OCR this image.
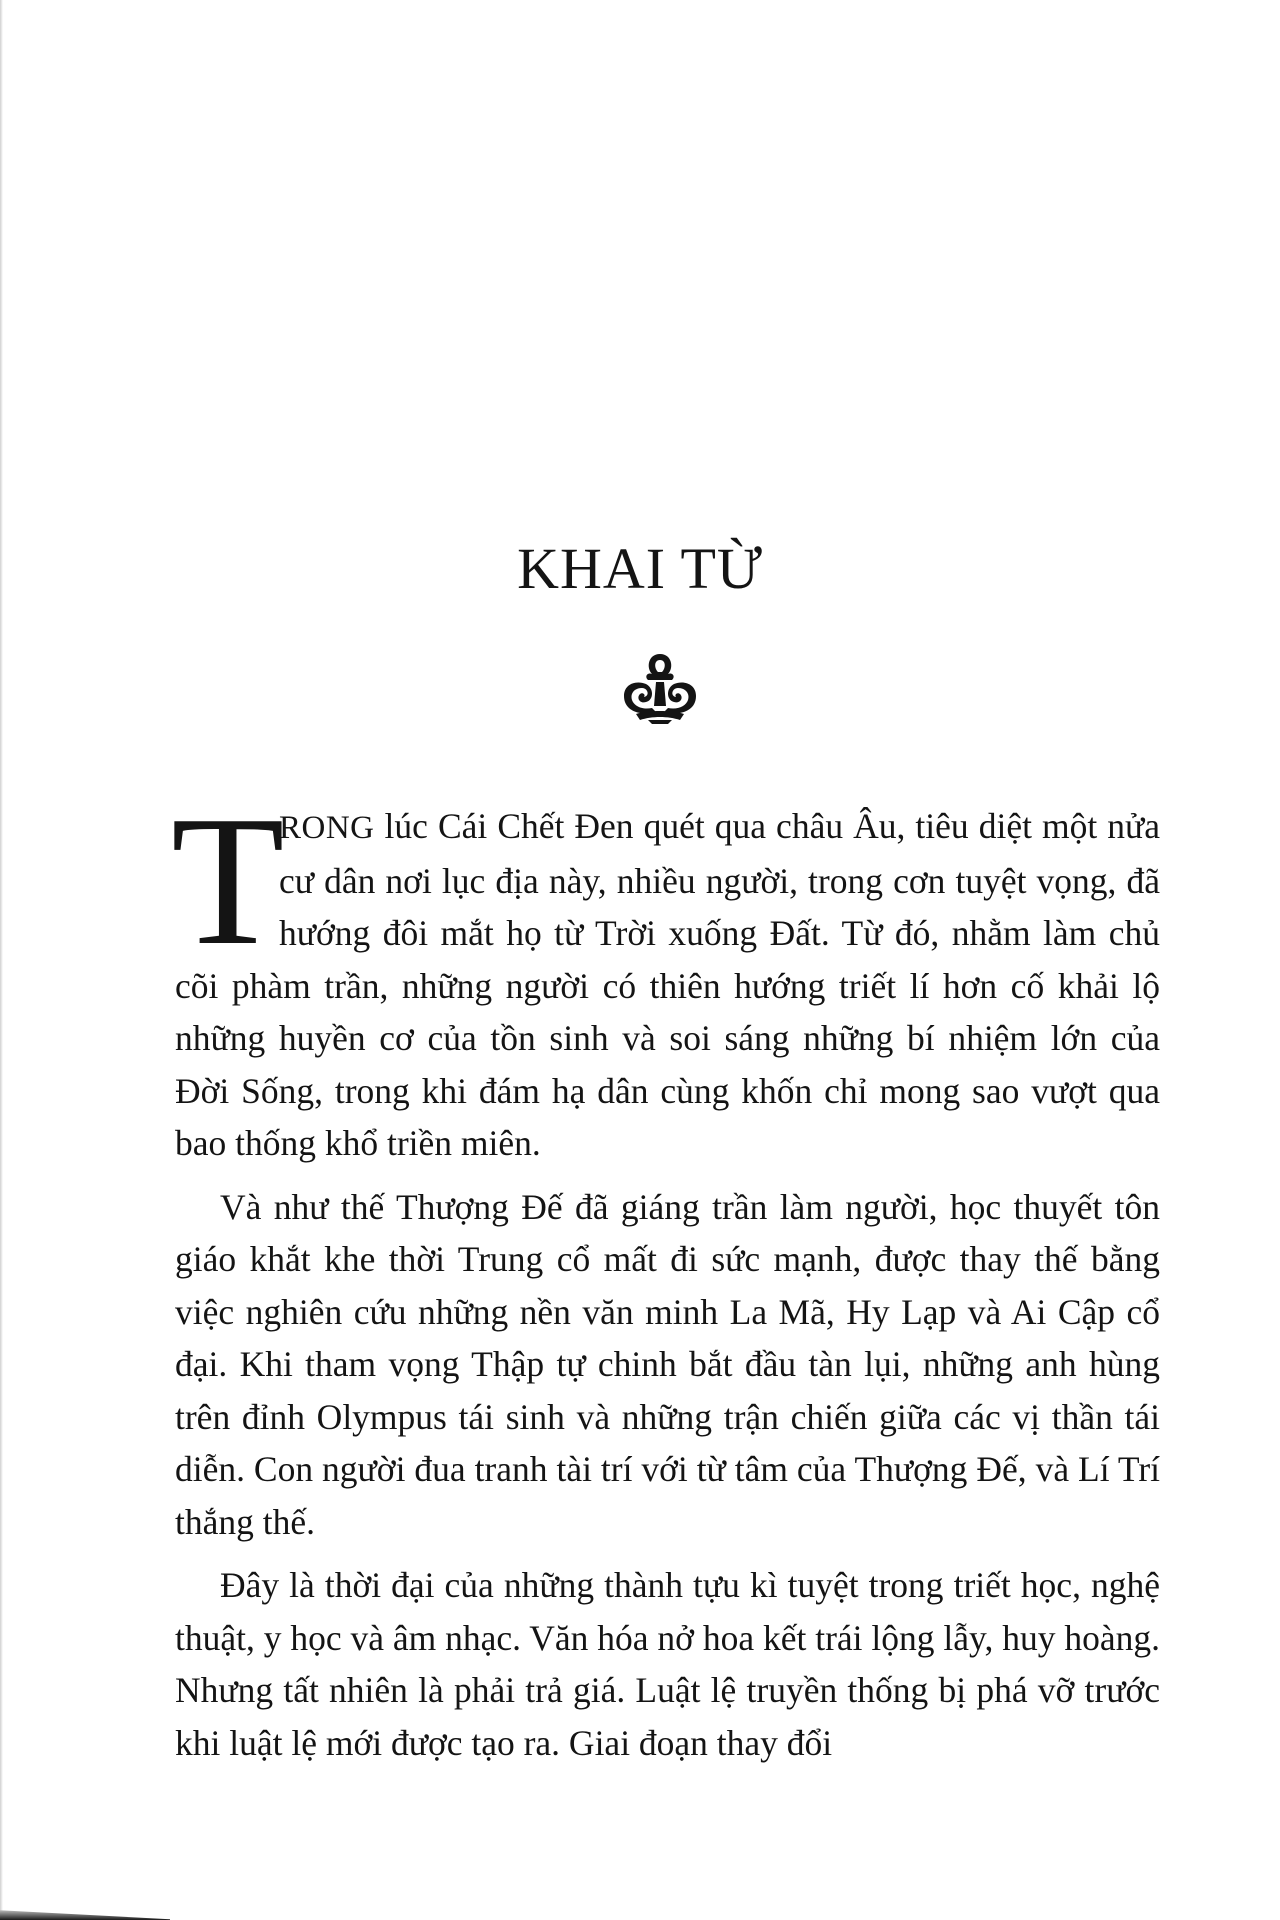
KHAI TỪ

T
RONG lúc Cái Chết Đen quét qua châu Âu, tiêu diệt một nửa cư dân nơi lục địa này, nhiều người, trong cơn tuyệt vọng, đã hướng đôi mắt họ từ Trời xuống Đất. Từ đó, nhằm làm chủ cõi phàm trần, những người có thiên hướng triết lí hơn cố khải lộ những huyền cơ của tồn sinh và soi sáng những bí nhiệm lớn của Đời Sống, trong khi đám hạ dân cùng khốn chỉ mong sao vượt qua bao thống khổ triền miên.

Và như thế Thượng Đế đã giáng trần làm người, học thuyết tôn giáo khắt khe thời Trung cổ mất đi sức mạnh, được thay thế bằng việc nghiên cứu những nền văn minh La Mã, Hy Lạp và Ai Cập cổ đại. Khi tham vọng Thập tự chinh bắt đầu tàn lụi, những anh hùng trên đỉnh Olympus tái sinh và những trận chiến giữa các vị thần tái diễn. Con người đua tranh tài trí với từ tâm của Thượng Đế, và Lí Trí thắng thế.

Đây là thời đại của những thành tựu kì tuyệt trong triết học, nghệ thuật, y học và âm nhạc. Văn hóa nở hoa kết trái lộng lẫy, huy hoàng. Nhưng tất nhiên là phải trả giá. Luật lệ truyền thống bị phá vỡ trước khi luật lệ mới được tạo ra. Giai đoạn thay đổi
